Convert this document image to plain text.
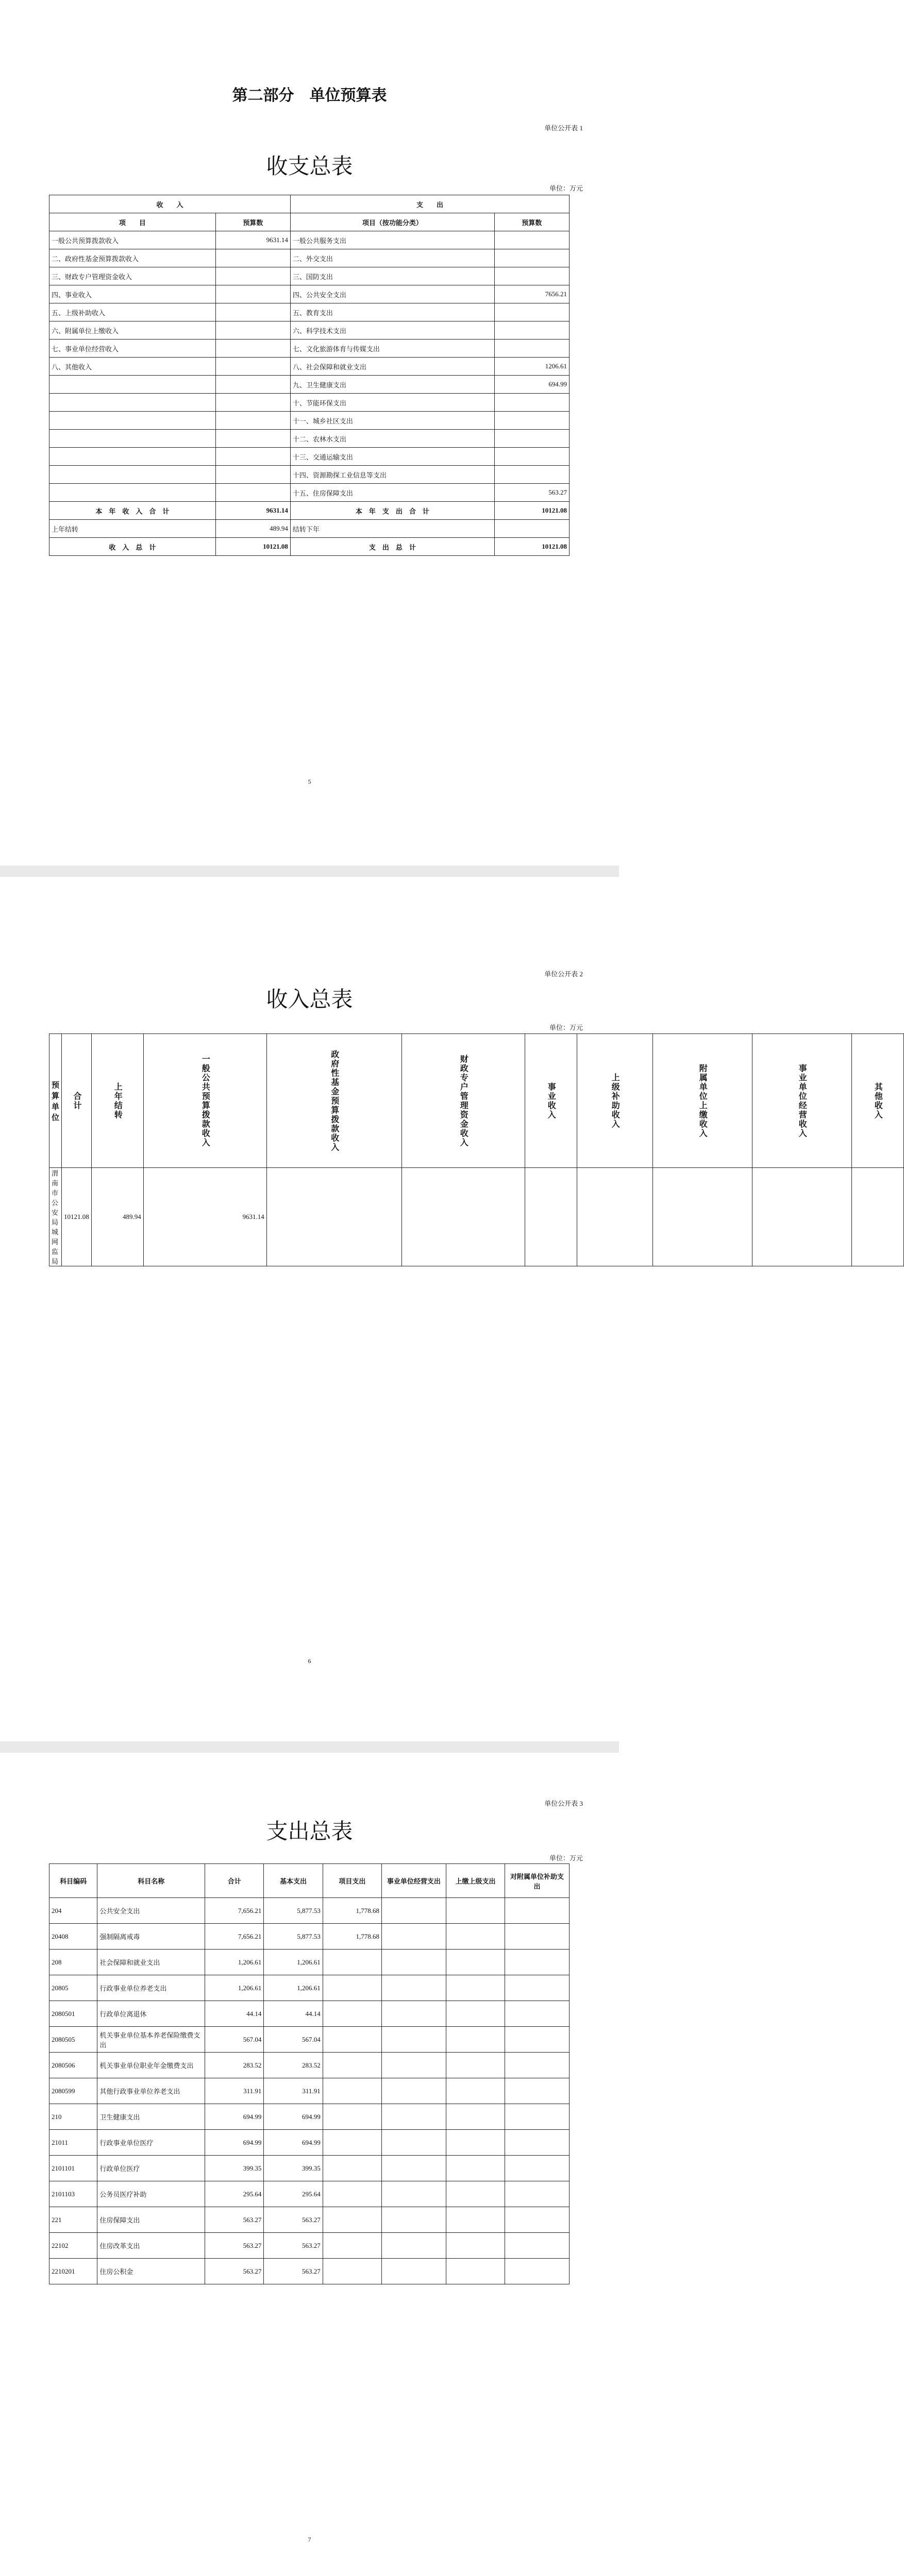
第二部分　单位预算表
单位公开表 1
收支总表
单位：万元
收　　入		支　　出	
项　　目	预算数	项目（按功能分类）	预算数
一般公共预算拨款收入	9631.14	一般公共服务支出	
二、政府性基金预算拨款收入		二、外交支出	
三、财政专户管理资金收入		三、国防支出	
四、事业收入		四、公共安全支出	7656.21
五、上级补助收入		五、教育支出	
六、附属单位上缴收入		六、科学技术支出	
七、事业单位经营收入		七、文化旅游体育与传媒支出	
八、其他收入		八、社会保障和就业支出	1206.61
		九、卫生健康支出	694.99
		十、节能环保支出	
		十一、城乡社区支出	
		十二、农林水支出	
		十三、交通运输支出	
		十四、资源勘探工业信息等支出	
		十五、住房保障支出	563.27
本　年　收　入　合　计	9631.14	本　年　支　出　合　计	10121.08
上年结转	489.94	结转下年	
收　入　总　计	10121.08	支　出　总　计	10121.08
5
单位公开表 2
收入总表
单位：万元
预算单位	合计	上年结转	一般公共预算拨款收入	政府性基金预算拨款收入	财政专户管理资金收入	事业收入	上级补助收入	附属单位上缴收入	事业单位经营收入	其他收入
渭南市公安局城网监局	10121.08	489.94	9631.14							
6
单位公开表 3
支出总表
单位：万元
科目编码	科目名称	合计	基本支出	项目支出	事业单位经营支出	上缴上级支出	对附属单位补助支出
204	公共安全支出	7,656.21	5,877.53	1,778.68			
20408	强制隔离戒毒	7,656.21	5,877.53	1,778.68			
208	社会保障和就业支出	1,206.61	1,206.61				
20805	行政事业单位养老支出	1,206.61	1,206.61				
2080501	行政单位离退休	44.14	44.14				
2080505	机关事业单位基本养老保险缴费支出	567.04	567.04				
2080506	机关事业单位职业年金缴费支出	283.52	283.52				
2080599	其他行政事业单位养老支出	311.91	311.91				
210	卫生健康支出	694.99	694.99				
21011	行政事业单位医疗	694.99	694.99				
2101101	行政单位医疗	399.35	399.35				
2101103	公务员医疗补助	295.64	295.64				
221	住房保障支出	563.27	563.27				
22102	住房改革支出	563.27	563.27				
2210201	住房公积金	563.27	563.27				
7
